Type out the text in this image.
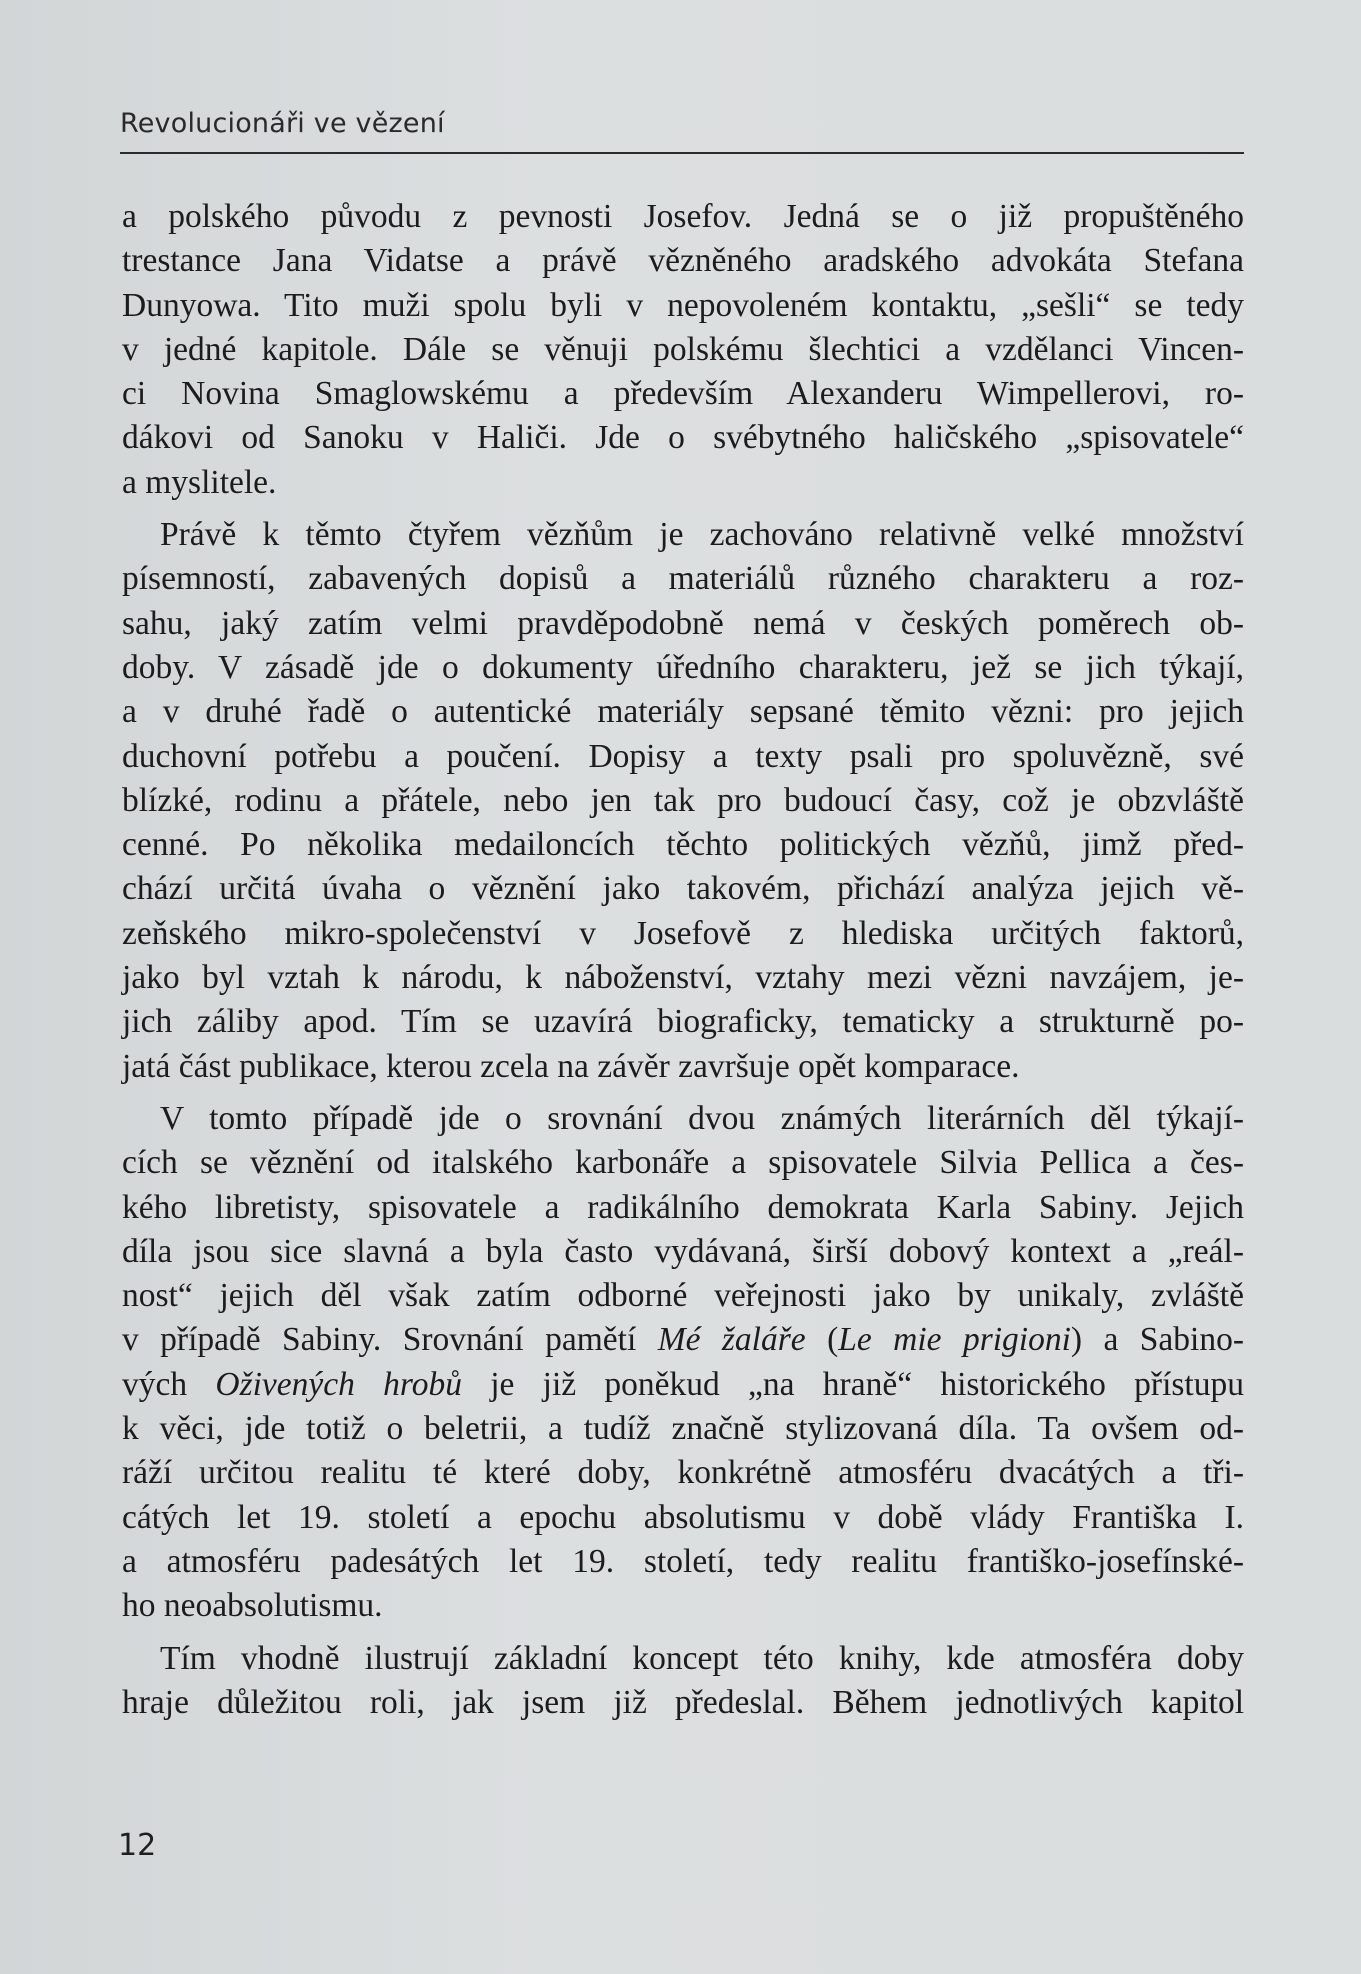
Revolucionáři ve vězení

a polského původu z pevnosti Josefov. Jedná se o již propuštěného
trestance Jana Vidatse a právě vězněného aradského advokáta Stefana
Dunyowa. Tito muži spolu byli v nepovoleném kontaktu, „sešli“ se tedy
v jedné kapitole. Dále se věnuji polskému šlechtici a vzdělanci Vincen-
ci Novina Smaglowskému a především Alexanderu Wimpellerovi, ro-
dákovi od Sanoku v Haliči. Jde o svébytného haličského „spisovatele“
a myslitele.

Právě k těmto čtyřem vězňům je zachováno relativně velké množství
písemností, zabavených dopisů a materiálů různého charakteru a roz-
sahu, jaký zatím velmi pravděpodobně nemá v českých poměrech ob-
doby. V zásadě jde o dokumenty úředního charakteru, jež se jich týkají,
a v druhé řadě o autentické materiály sepsané těmito vězni: pro jejich
duchovní potřebu a poučení. Dopisy a texty psali pro spoluvězně, své
blízké, rodinu a přátele, nebo jen tak pro budoucí časy, což je obzvláště
cenné. Po několika medailoncích těchto politických vězňů, jimž před-
chází určitá úvaha o věznění jako takovém, přichází analýza jejich vě-
zeňského mikro-společenství v Josefově z hlediska určitých faktorů,
jako byl vztah k národu, k náboženství, vztahy mezi vězni navzájem, je-
jich záliby apod. Tím se uzavírá biograficky, tematicky a strukturně po-
jatá část publikace, kterou zcela na závěr završuje opět komparace.

V tomto případě jde o srovnání dvou známých literárních děl týkají-
cích se věznění od italského karbonáře a spisovatele Silvia Pellica a čes-
kého libretisty, spisovatele a radikálního demokrata Karla Sabiny. Jejich
díla jsou sice slavná a byla často vydávaná, širší dobový kontext a „reál-
nost“ jejich děl však zatím odborné veřejnosti jako by unikaly, zvláště
v případě Sabiny. Srovnání pamětí Mé žaláře (Le mie prigioni) a Sabino-
vých Oživených hrobů je již poněkud „na hraně“ historického přístupu
k věci, jde totiž o beletrii, a tudíž značně stylizovaná díla. Ta ovšem od-
ráží určitou realitu té které doby, konkrétně atmosféru dvacátých a tři-
cátých let 19. století a epochu absolutismu v době vlády Františka I.
a atmosféru padesátých let 19. století, tedy realitu františko-josefínské-
ho neoabsolutismu.

Tím vhodně ilustrují základní koncept této knihy, kde atmosféra doby
hraje důležitou roli, jak jsem již předeslal. Během jednotlivých kapitol

12
